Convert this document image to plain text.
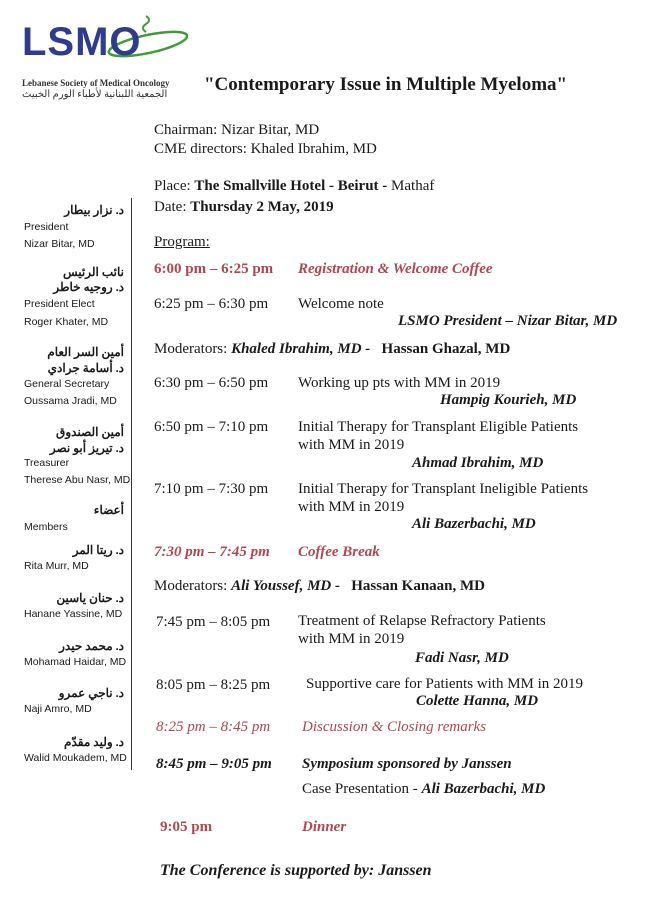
LSMO
Lebanese Society of Medical Oncology
الجمعية اللبنانية لأطباء الورم الخبيث "Contemporary Issue in Multiple Myeloma"
Chairman: Nizar Bitar, MD
CME directors: Khaled Ibrahim, MD
Place: The Smallville Hotel - Beirut - Mathaf
Date: Thursday 2 May, 2019
Program:
د. نزار بيطار
President
Nizar Bitar, MD
نائب الرئيس
د. روجيه خاطر
President Elect
Roger Khater, MD
أمين السر العام
د. أسامة جرادي
General Secretary
Oussama Jradi, MD
أمين الصندوق
د. تيريز أبو نصر
Treasurer
Therese Abu Nasr, MD
أعضاء
Members
د. ريتا المر
Rita Murr, MD
د. حنان ياسين
Hanane Yassine, MD
د. محمد حيدر
Mohamad Haidar, MD
د. ناجي عمرو
Naji Amro, MD
د. وليد مقدّم
Walid Moukadem, MD
6:00 pm – 6:25 pm Registration & Welcome Coffee
6:25 pm – 6:30 pm Welcome note
LSMO President – Nizar Bitar, MD
Moderators: Khaled Ibrahim, MD - Hassan Ghazal, MD
6:30 pm – 6:50 pm Working up pts with MM in 2019
Hampig Kourieh, MD
6:50 pm – 7:10 pm Initial Therapy for Transplant Eligible Patients
with MM in 2019
Ahmad Ibrahim, MD
7:10 pm – 7:30 pm Initial Therapy for Transplant Ineligible Patients
with MM in 2019
Ali Bazerbachi, MD
7:30 pm – 7:45 pm Coffee Break
Moderators: Ali Youssef, MD - Hassan Kanaan, MD
7:45 pm – 8:05 pm Treatment of Relapse Refractory Patients
with MM in 2019
Fadi Nasr, MD
8:05 pm – 8:25 pm Supportive care for Patients with MM in 2019
Colette Hanna, MD
8:25 pm – 8:45 pm Discussion & Closing remarks
8:45 pm – 9:05 pm Symposium sponsored by Janssen
Case Presentation - Ali Bazerbachi, MD
9:05 pm	Dinner
The Conference is supported by: Janssen
